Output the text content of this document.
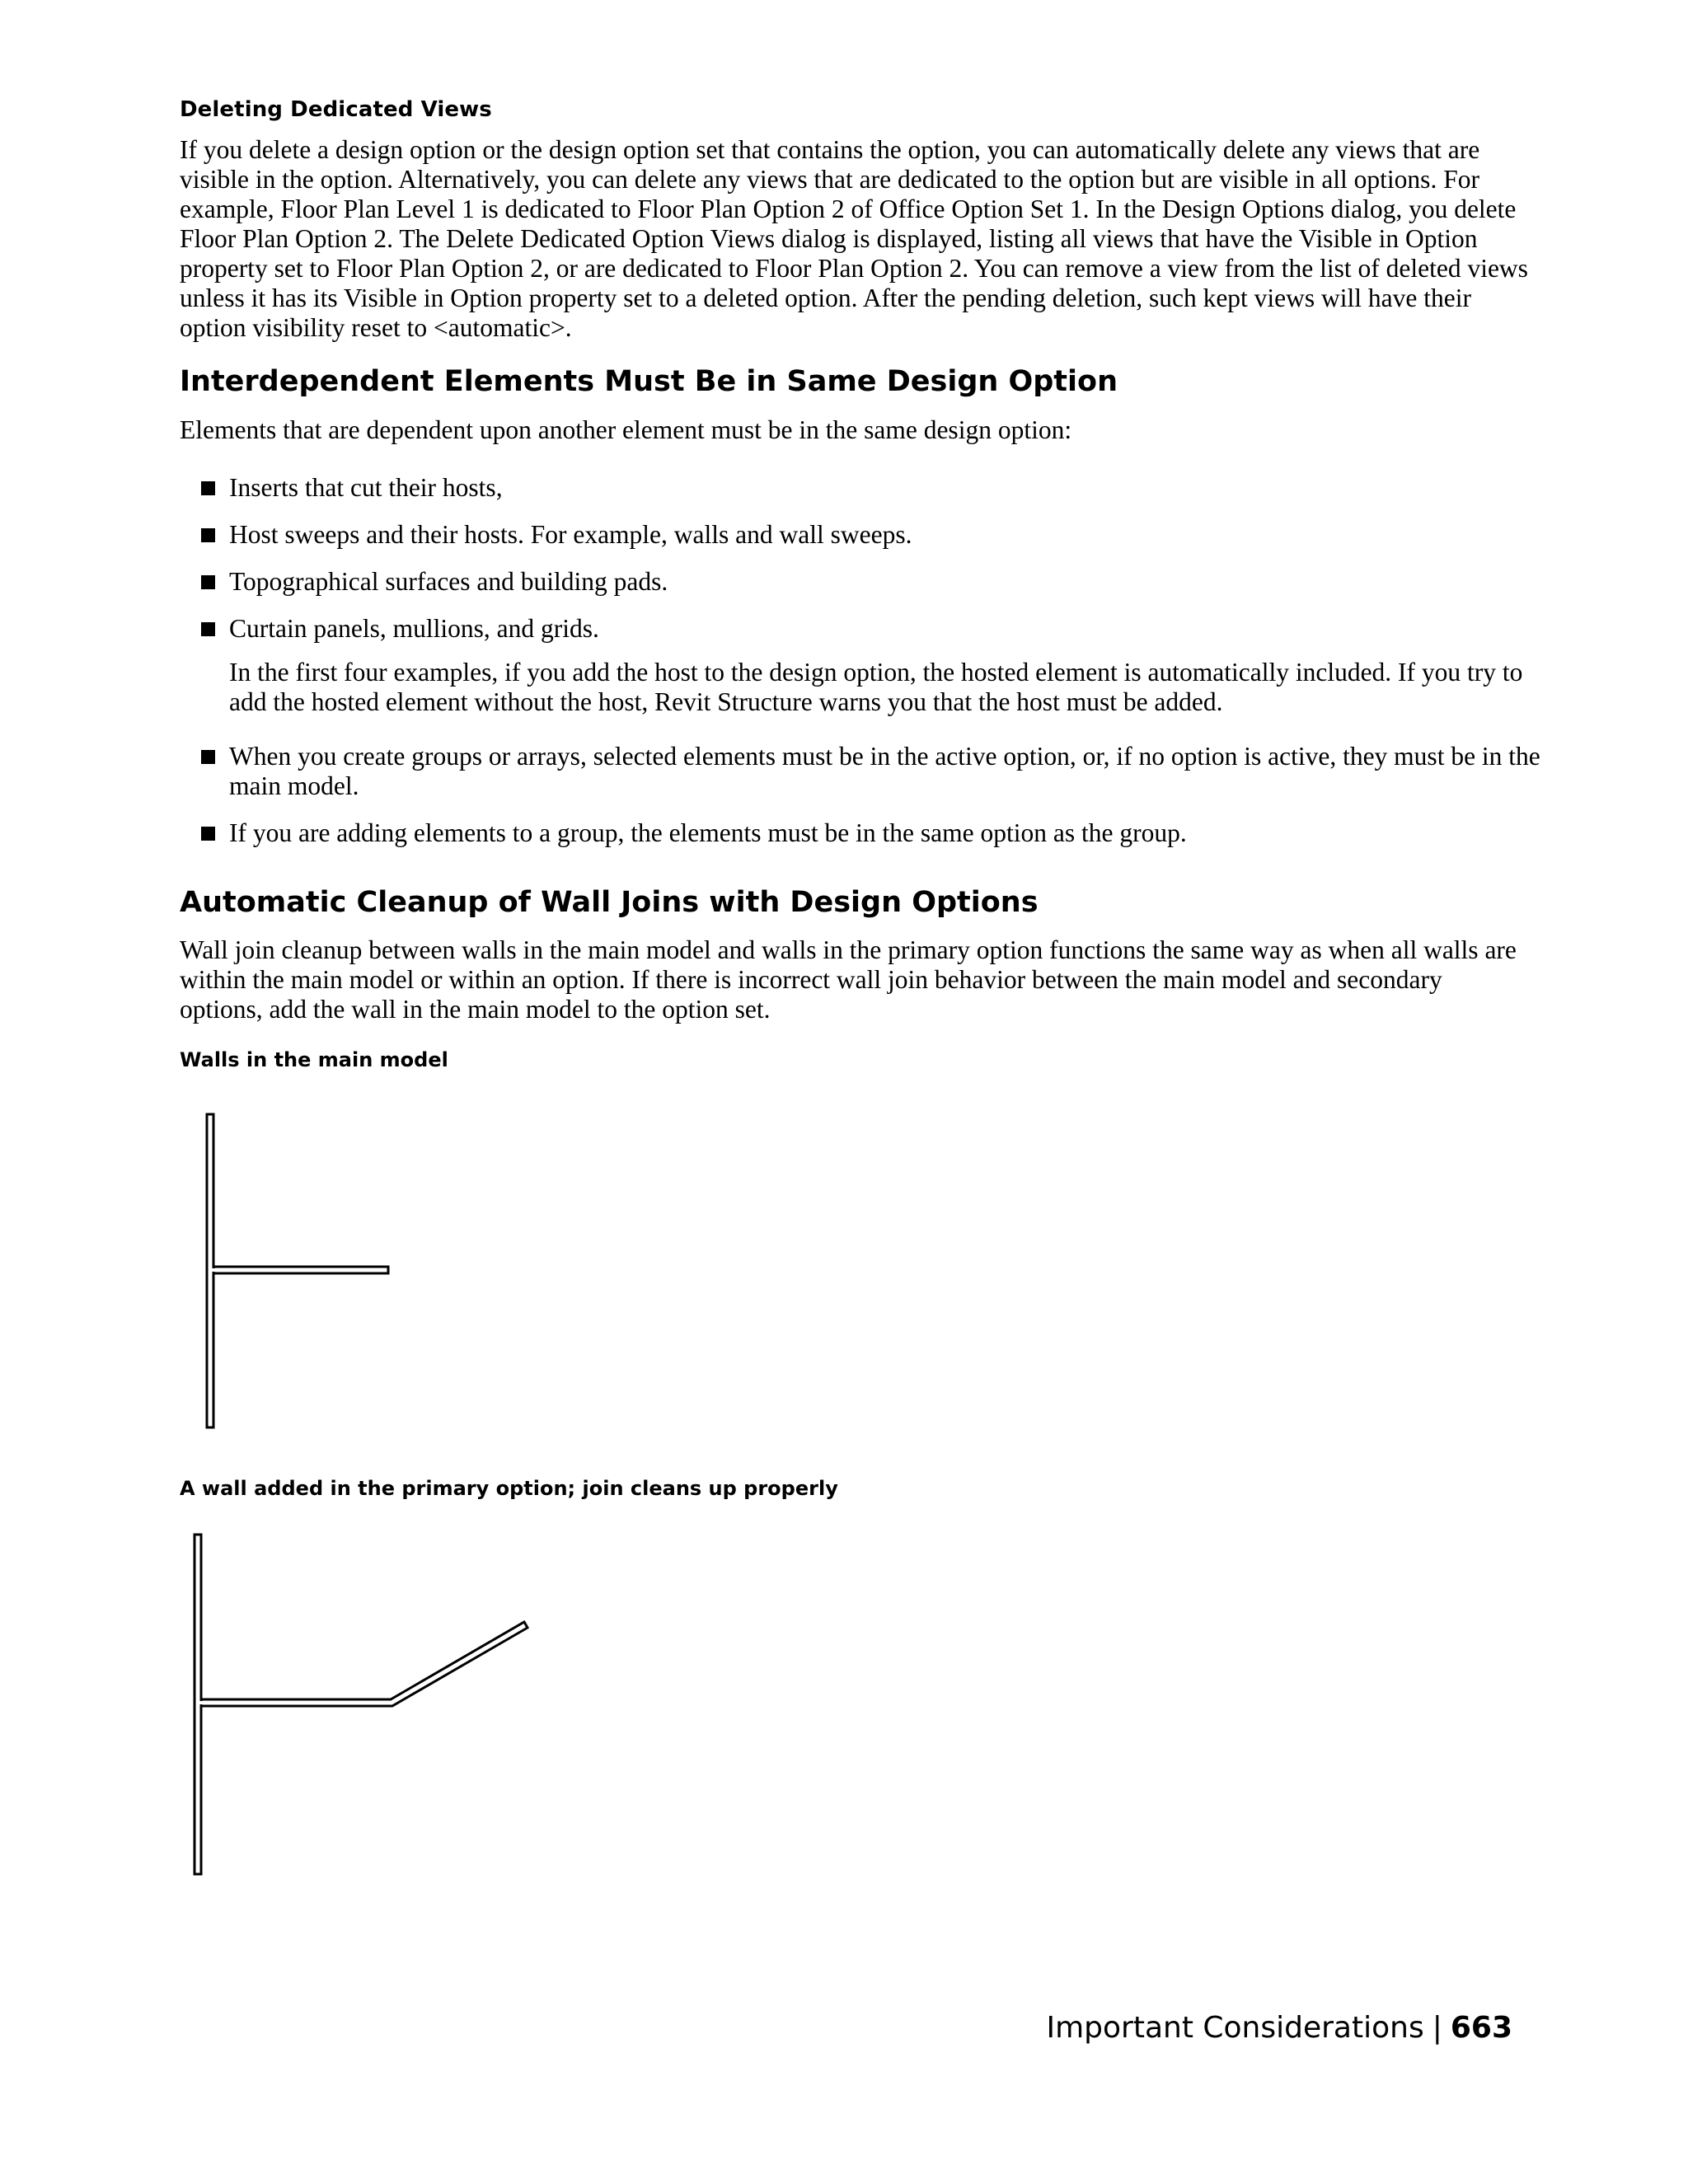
Deleting Dedicated Views

If you delete a design option or the design option set that contains the option, you can automatically delete any views that are visible in the option. Alternatively, you can delete any views that are dedicated to the option but are visible in all options. For example, Floor Plan Level 1 is dedicated to Floor Plan Option 2 of Office Option Set 1. In the Design Options dialog, you delete Floor Plan Option 2. The Delete Dedicated Option Views dialog is displayed, listing all views that have the Visible in Option property set to Floor Plan Option 2, or are dedicated to Floor Plan Option 2. You can remove a view from the list of deleted views unless it has its Visible in Option property set to a deleted option. After the pending deletion, such kept views will have their option visibility reset to <automatic>.

Interdependent Elements Must Be in Same Design Option

Elements that are dependent upon another element must be in the same design option:

Inserts that cut their hosts,
Host sweeps and their hosts. For example, walls and wall sweeps.
Topographical surfaces and building pads.
Curtain panels, mullions, and grids.

In the first four examples, if you add the host to the design option, the hosted element is automatically included. If you try to add the hosted element without the host, Revit Structure warns you that the host must be added.

When you create groups or arrays, selected elements must be in the active option, or, if no option is active, they must be in the main model.
If you are adding elements to a group, the elements must be in the same option as the group.
Automatic Cleanup of Wall Joins with Design Options

Wall join cleanup between walls in the main model and walls in the primary option functions the same way as when all walls are within the main model or within an option. If there is incorrect wall join behavior between the main model and secondary options, add the wall in the main model to the option set.

Walls in the main model

A wall added in the primary option; join cleans up properly

Important Considerations | 663
